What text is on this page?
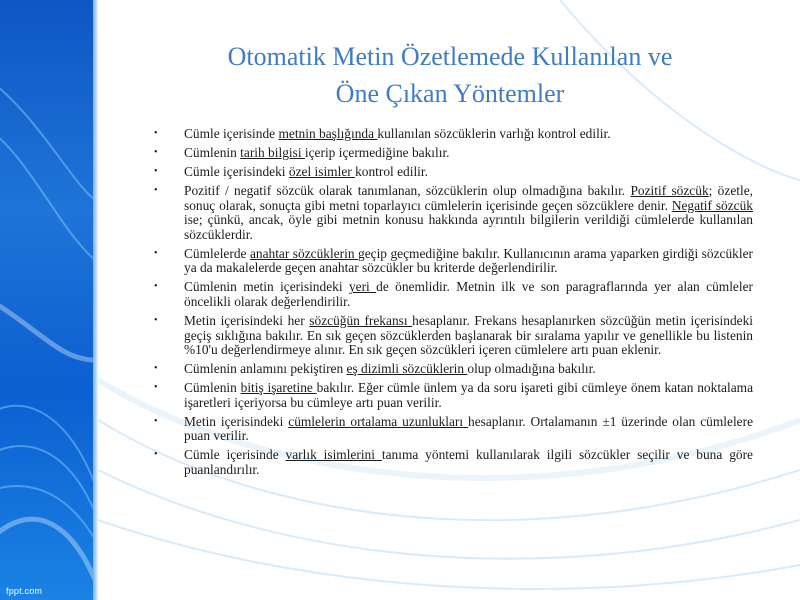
fppt.com
Otomatik Metin Özetlemede Kullanılan ve
Öne Çıkan Yöntemler
• Cümle içerisinde metnin başlığında kullanılan sözcüklerin varlığı kontrol edilir.
• Cümlenin tarih bilgisi içerip içermediğine bakılır.
• Cümle içerisindeki özel isimler kontrol edilir.
• Pozitif / negatif sözcük olarak tanımlanan, sözcüklerin olup olmadığına bakılır. Pozitif sözcük; özetle, sonuç olarak, sonuçta gibi metni toparlayıcı cümlelerin içerisinde geçen sözcüklere denir. Negatif sözcük ise; çünkü, ancak, öyle gibi metnin konusu hakkında ayrıntılı bilgilerin verildiği cümlelerde kullanılan sözcüklerdir.
• Cümlelerde anahtar sözcüklerin geçip geçmediğine bakılır. Kullanıcının arama yaparken girdiği sözcükler ya da makalelerde geçen anahtar sözcükler bu kriterde değerlendirilir.
• Cümlenin metin içerisindeki yeri de önemlidir. Metnin ilk ve son paragraflarında yer alan cümleler öncelikli olarak değerlendirilir.
• Metin içerisindeki her sözcüğün frekansı hesaplanır. Frekans hesaplanırken sözcüğün metin içerisindeki geçiş sıklığına bakılır. En sık geçen sözcüklerden başlanarak bir sıralama yapılır ve genellikle bu listenin %10'u değerlendirmeye alınır. En sık geçen sözcükleri içeren cümlelere artı puan eklenir.
• Cümlenin anlamını pekiştiren eş dizimli sözcüklerin olup olmadığına bakılır.
• Cümlenin bitiş işaretine bakılır. Eğer cümle ünlem ya da soru işareti gibi cümleye önem katan noktalama işaretleri içeriyorsa bu cümleye artı puan verilir.
• Metin içerisindeki cümlelerin ortalama uzunlukları hesaplanır. Ortalamanın ±1 üzerinde olan cümlelere puan verilir.
• Cümle içerisinde varlık isimlerini tanıma yöntemi kullanılarak ilgili sözcükler seçilir ve buna göre puanlandırılır.
